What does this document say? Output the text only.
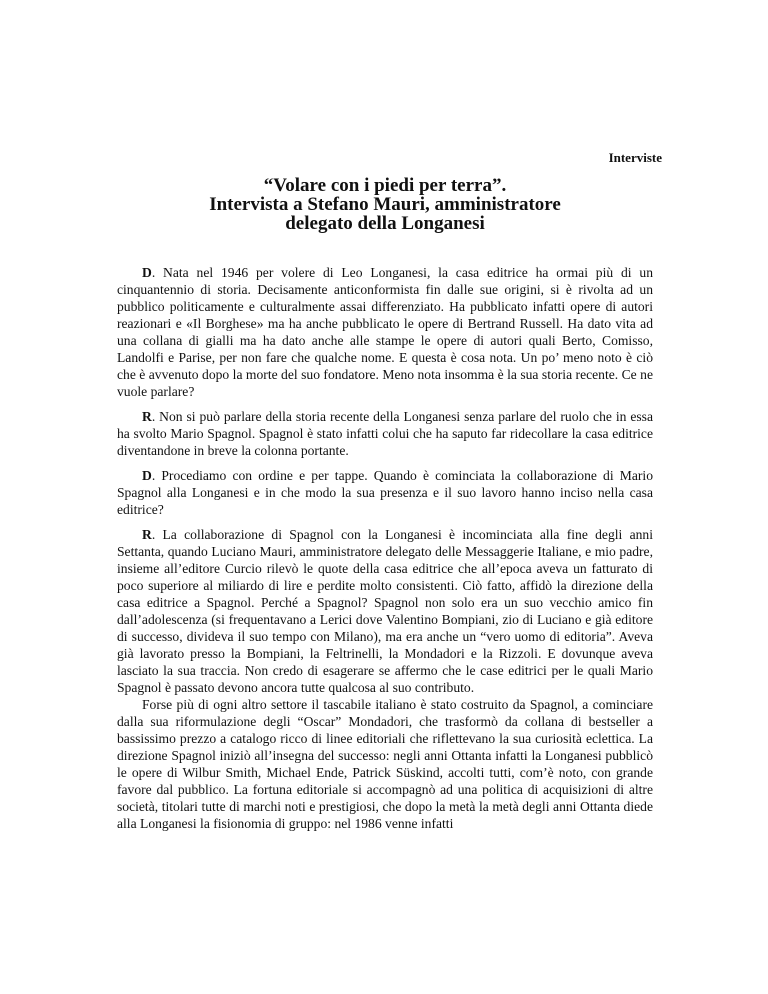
Interviste
“Volare con i piedi per terra”.
Intervista a Stefano Mauri, amministratore
delegato della Longanesi

D. Nata nel 1946 per volere di Leo Longanesi, la casa editrice ha ormai più di un cinquantennio di storia. Decisamente anticonformista fin dalle sue origini, si è rivolta ad un pubblico politicamente e culturalmente assai differenziato. Ha pubblicato infatti opere di autori reazionari e «Il Borghese» ma ha anche pubblicato le opere di Bertrand Russell. Ha dato vita ad una collana di gialli ma ha dato anche alle stampe le opere di autori quali Berto, Comisso, Landolfi e Parise, per non fare che qualche nome. E questa è cosa nota. Un po’ meno noto è ciò che è avvenuto dopo la morte del suo fondatore. Meno nota insomma è la sua storia recente. Ce ne vuole parlare?

R. Non si può parlare della storia recente della Longanesi senza parlare del ruolo che in essa ha svolto Mario Spagnol. Spagnol è stato infatti colui che ha saputo far ridecollare la casa editrice diventandone in breve la colonna portante.

D. Procediamo con ordine e per tappe. Quando è cominciata la collaborazione di Mario Spagnol alla Longanesi e in che modo la sua presenza e il suo lavoro hanno inciso nella casa editrice?

R. La collaborazione di Spagnol con la Longanesi è incominciata alla fine degli anni Settanta, quando Luciano Mauri, amministratore delegato delle Messaggerie Italiane, e mio padre, insieme all’editore Curcio rilevò le quote della casa editrice che all’epoca aveva un fatturato di poco superiore al miliardo di lire e perdite molto consistenti. Ciò fatto, affidò la direzione della casa editrice a Spagnol. Perché a Spagnol? Spagnol non solo era un suo vecchio amico fin dall’adolescenza (si frequentavano a Lerici dove Valentino Bompiani, zio di Luciano e già editore di successo, divideva il suo tempo con Milano), ma era anche un “vero uomo di editoria”. Aveva già lavorato presso la Bompiani, la Feltrinelli, la Mondadori e la Rizzoli. E dovunque aveva lasciato la sua traccia. Non credo di esagerare se affermo che le case editrici per le quali Mario Spagnol è passato devono ancora tutte qualcosa al suo contributo.

Forse più di ogni altro settore il tascabile italiano è stato costruito da Spagnol, a cominciare dalla sua riformulazione degli “Oscar” Mondadori, che trasformò da collana di bestseller a bassissimo prezzo a catalogo ricco di linee editoriali che riflettevano la sua curiosità eclettica. La direzione Spagnol iniziò all’insegna del successo: negli anni Ottanta infatti la Longanesi pubblicò le opere di Wilbur Smith, Michael Ende, Patrick Süskind, accolti tutti, com’è noto, con grande favore dal pubblico. La fortuna editoriale si accompagnò ad una politica di acquisizioni di altre società, titolari tutte di marchi noti e prestigiosi, che dopo la metà la metà degli anni Ottanta diede alla Longanesi la fisionomia di gruppo: nel 1986 venne infatti
